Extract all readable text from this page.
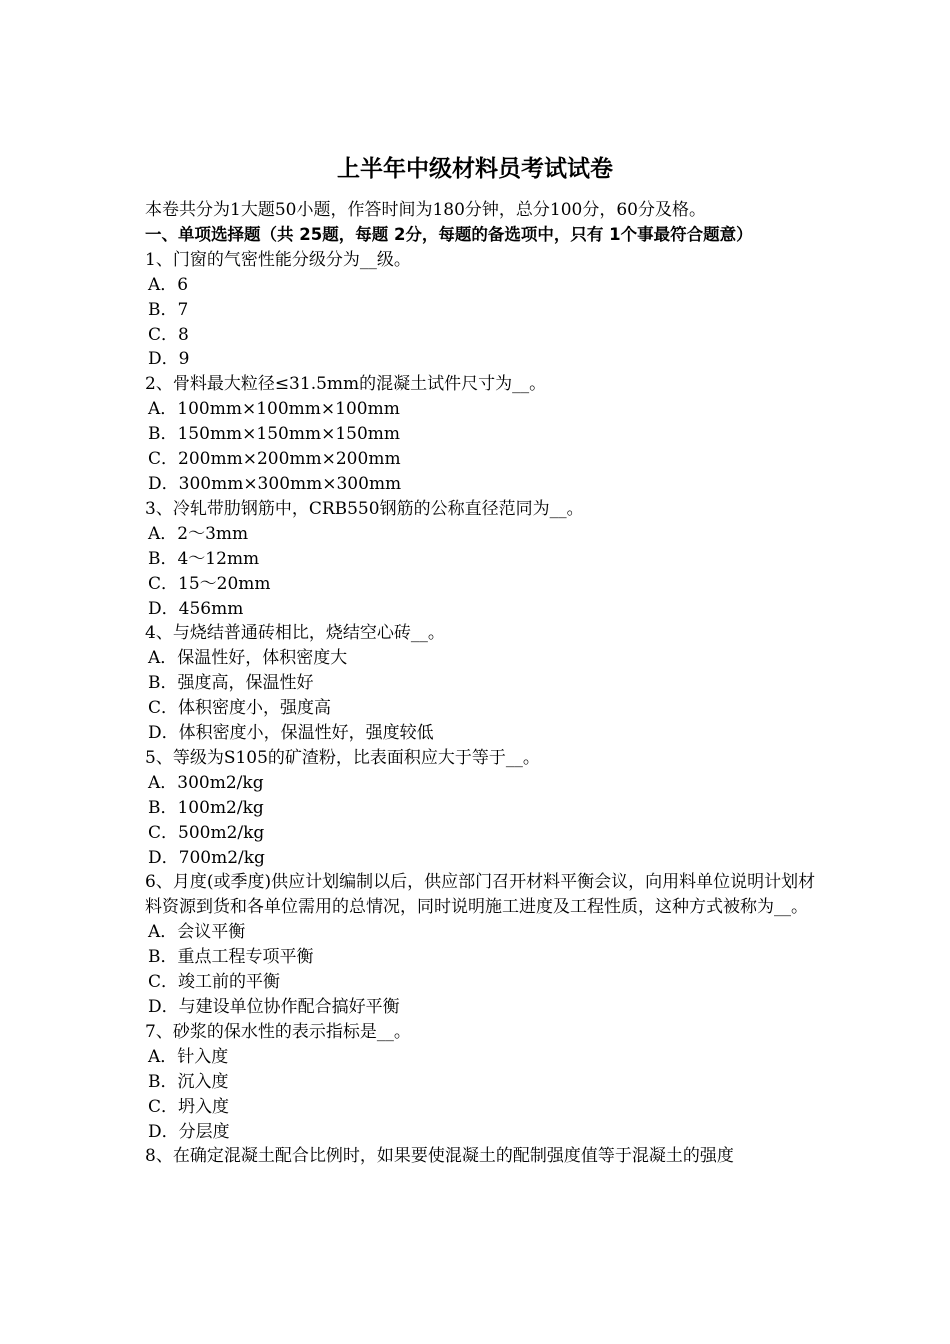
上半年中级材料员考试试卷

本卷共分为1大题50小题，作答时间为180分钟，总分100分，60分及格。

一、单项选择题（共 25题，每题 2分，每题的备选项中，只有 1个事最符合题意）

1、门窗的气密性能分级分为__级。

A．6

B．7

C．8

D．9

2、骨料最大粒径≤31.5mm的混凝土试件尺寸为__。

A．100mm×100mm×100mm

B．150mm×150mm×150mm

C．200mm×200mm×200mm

D．300mm×300mm×300mm

3、冷轧带肋钢筋中，CRB550钢筋的公称直径范同为__。

A．2～3mm

B．4～12mm

C．15～20mm

D．456mm

4、与烧结普通砖相比，烧结空心砖__。

A．保温性好，体积密度大

B．强度高，保温性好

C．体积密度小，强度高

D．体积密度小，保温性好，强度较低

5、等级为S105的矿渣粉，比表面积应大于等于__。

A．300m2/kg

B．100m2/kg

C．500m2/kg

D．700m2/kg

6、月度(或季度)供应计划编制以后，供应部门召开材料平衡会议，向用料单位说明计划材料资源到货和各单位需用的总情况，同时说明施工进度及工程性质，这种方式被称为__。

A．会议平衡

B．重点工程专项平衡

C．竣工前的平衡

D．与建设单位协作配合搞好平衡

7、砂浆的保水性的表示指标是__。

A．针入度

B．沉入度

C．坍入度

D．分层度

8、在确定混凝土配合比例时，如果要使混凝土的配制强度值等于混凝土的强度
